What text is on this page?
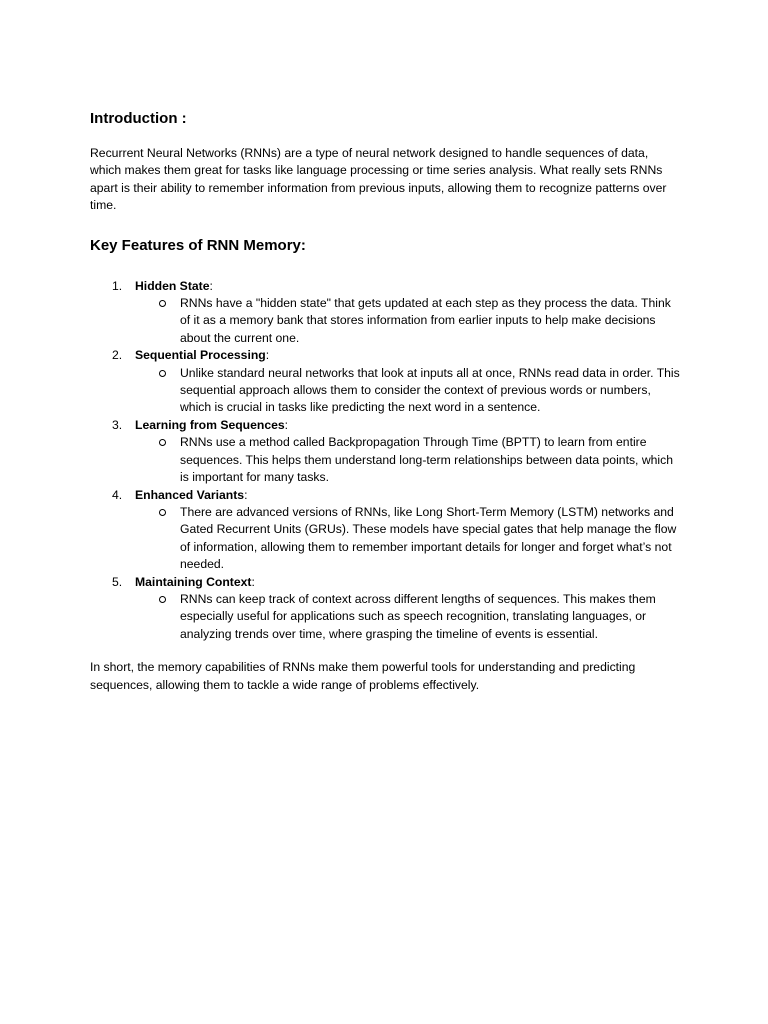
Introduction :

Recurrent Neural Networks (RNNs) are a type of neural network designed to handle sequences of data, which makes them great for tasks like language processing or time series analysis. What really sets RNNs apart is their ability to remember information from previous inputs, allowing them to recognize patterns over time.

Key Features of RNN Memory:
1.	Hidden State:
RNNs have a "hidden state" that gets updated at each step as they process the data. Think of it as a memory bank that stores information from earlier inputs to help make decisions about the current one.
2.	Sequential Processing:
Unlike standard neural networks that look at inputs all at once, RNNs read data in order. This sequential approach allows them to consider the context of previous words or numbers, which is crucial in tasks like predicting the next word in a sentence.
3.	Learning from Sequences:
RNNs use a method called Backpropagation Through Time (BPTT) to learn from entire sequences. This helps them understand long-term relationships between data points, which is important for many tasks.
4.	Enhanced Variants:
There are advanced versions of RNNs, like Long Short-Term Memory (LSTM) networks and Gated Recurrent Units (GRUs). These models have special gates that help manage the flow of information, allowing them to remember important details for longer and forget what’s not needed.
5.	Maintaining Context:
RNNs can keep track of context across different lengths of sequences. This makes them especially useful for applications such as speech recognition, translating languages, or analyzing trends over time, where grasping the timeline of events is essential.

In short, the memory capabilities of RNNs make them powerful tools for understanding and predicting sequences, allowing them to tackle a wide range of problems effectively.
